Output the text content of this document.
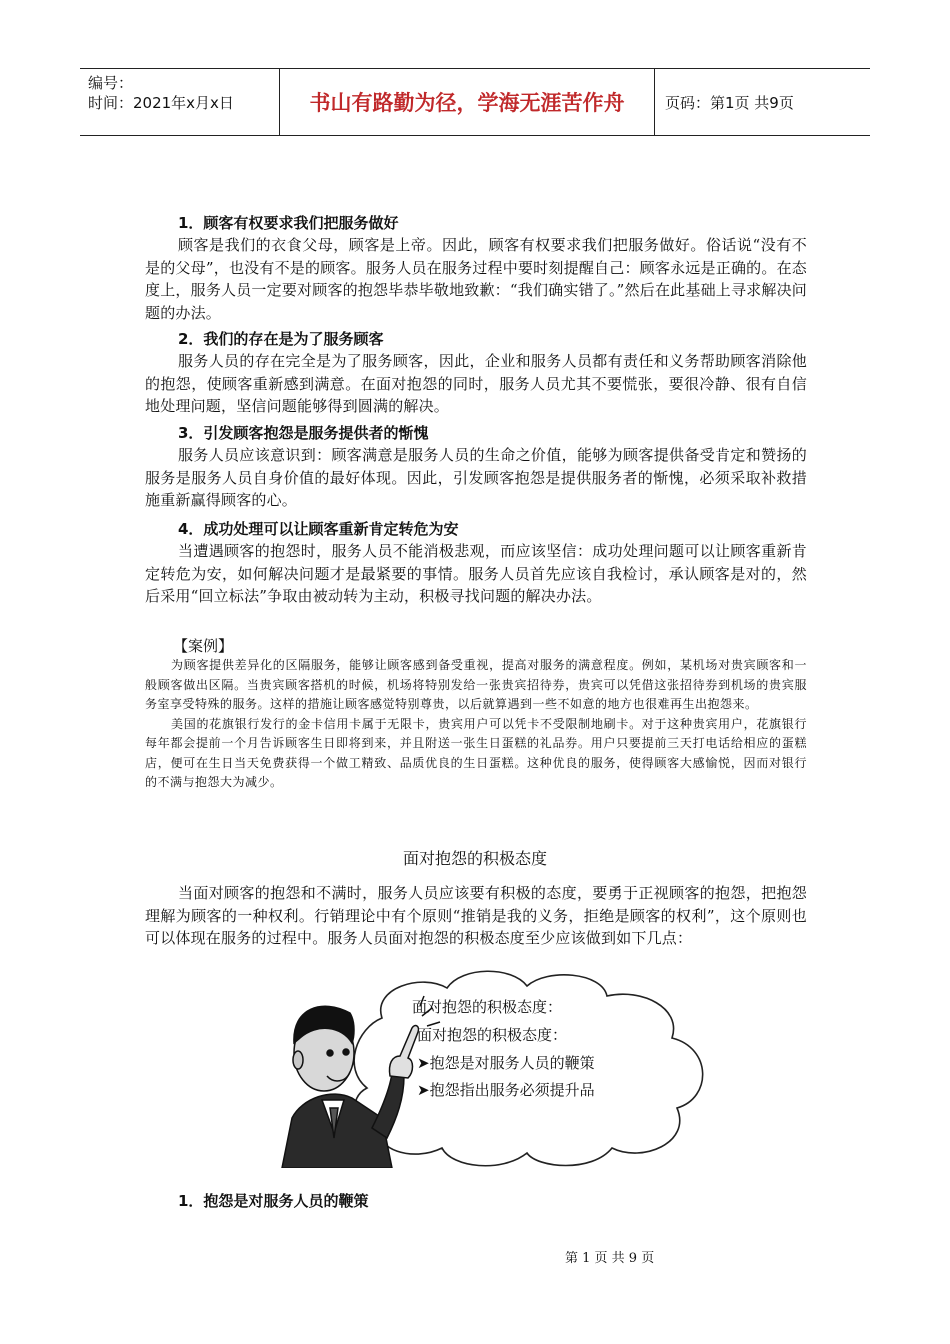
编号：
时间：2021年x月x日	书山有路勤为径，学海无涯苦作舟	页码：第1页 共9页
1．顾客有权要求我们把服务做好

顾客是我们的衣食父母，顾客是上帝。因此，顾客有权要求我们把服务做好。俗话说“没有不是的父母”，也没有不是的顾客。服务人员在服务过程中要时刻提醒自己：顾客永远是正确的。在态度上，服务人员一定要对顾客的抱怨毕恭毕敬地致歉：“我们确实错了。”然后在此基础上寻求解决问题的办法。

2．我们的存在是为了服务顾客

服务人员的存在完全是为了服务顾客，因此，企业和服务人员都有责任和义务帮助顾客消除他的抱怨，使顾客重新感到满意。在面对抱怨的同时，服务人员尤其不要慌张，要很冷静、很有自信地处理问题，坚信问题能够得到圆满的解决。

3．引发顾客抱怨是服务提供者的惭愧

服务人员应该意识到：顾客满意是服务人员的生命之价值，能够为顾客提供备受肯定和赞扬的服务是服务人员自身价值的最好体现。因此，引发顾客抱怨是提供服务者的惭愧，必须采取补救措施重新赢得顾客的心。

4．成功处理可以让顾客重新肯定转危为安

当遭遇顾客的抱怨时，服务人员不能消极悲观，而应该坚信：成功处理问题可以让顾客重新肯定转危为安，如何解决问题才是最紧要的事情。服务人员首先应该自我检讨，承认顾客是对的，然后采用“回立标法”争取由被动转为主动，积极寻找问题的解决办法。

【案例】

为顾客提供差异化的区隔服务，能够让顾客感到备受重视，提高对服务的满意程度。例如，某机场对贵宾顾客和一般顾客做出区隔。当贵宾顾客搭机的时候，机场将特别发给一张贵宾招待券，贵宾可以凭借这张招待券到机场的贵宾服务室享受特殊的服务。这样的措施让顾客感觉特别尊贵，以后就算遇到一些不如意的地方也很难再生出抱怨来。

美国的花旗银行发行的金卡信用卡属于无限卡，贵宾用户可以凭卡不受限制地刷卡。对于这种贵宾用户，花旗银行每年都会提前一个月告诉顾客生日即将到来，并且附送一张生日蛋糕的礼品券。用户只要提前三天打电话给相应的蛋糕店，便可在生日当天免费获得一个做工精致、品质优良的生日蛋糕。这种优良的服务，使得顾客大感愉悦，因而对银行的不满与抱怨大为减少。

面对抱怨的积极态度

当面对顾客的抱怨和不满时，服务人员应该要有积极的态度，要勇于正视顾客的抱怨，把抱怨理解为顾客的一种权利。行销理论中有个原则“推销是我的义务，拒绝是顾客的权利”，这个原则也可以体现在服务的过程中。服务人员面对抱怨的积极态度至少应该做到如下几点：

面对抱怨的积极态度：
面对抱怨的积极态度：
➤抱怨是对服务人员的鞭策
➤抱怨指出服务必须提升品
1．抱怨是对服务人员的鞭策
第 1 页 共 9 页
